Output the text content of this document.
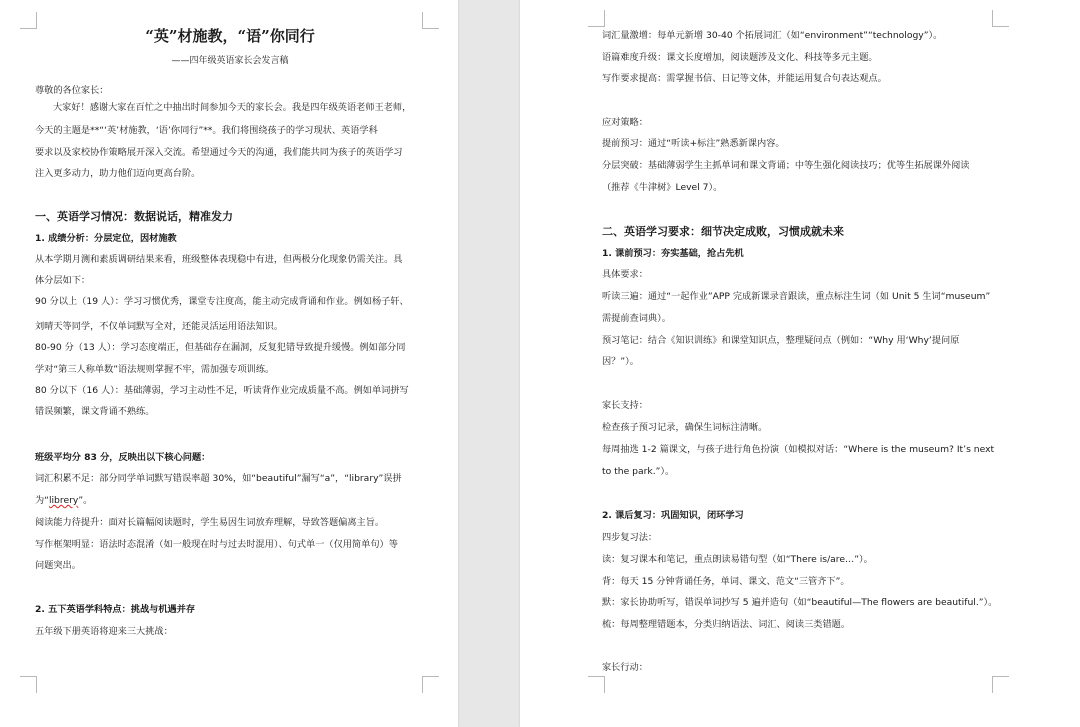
“英”材施教，“语”你同行
——四年级英语家长会发言稿
尊敬的各位家长：
大家好！感谢大家在百忙之中抽出时间参加今天的家长会。我是四年级英语老师王老师，
今天的主题是**“‘英’材施教，‘语’你同行”**。我们将围绕孩子的学习现状、英语学科
要求以及家校协作策略展开深入交流。希望通过今天的沟通，我们能共同为孩子的英语学习
注入更多动力，助力他们迈向更高台阶。
一、英语学习情况：数据说话，精准发力
1. 成绩分析：分层定位，因材施教
从本学期月测和素质调研结果来看，班级整体表现稳中有进，但两极分化现象仍需关注。具
体分层如下：
90 分以上（19 人）：学习习惯优秀，课堂专注度高，能主动完成背诵和作业。例如杨子轩、
刘晴天等同学，不仅单词默写全对，还能灵活运用语法知识。
80-90 分（13 人）：学习态度端正，但基础存在漏洞，反复犯错导致提升缓慢。例如部分同
学对“第三人称单数”语法规则掌握不牢，需加强专项训练。
80 分以下（16 人）：基础薄弱，学习主动性不足，听读背作业完成质量不高。例如单词拼写
错误频繁，课文背诵不熟练。
班级平均分 83 分，反映出以下核心问题：
词汇积累不足：部分同学单词默写错误率超 30%，如“beautiful”漏写“a”，“library”误拼
为“librery”。
阅读能力待提升：面对长篇幅阅读题时，学生易因生词放弃理解，导致答题偏离主旨。
写作框架明显：语法时态混淆（如一般现在时与过去时混用）、句式单一（仅用简单句）等
问题突出。
2. 五下英语学科特点：挑战与机遇并存
五年级下册英语将迎来三大挑战：
词汇量激增：每单元新增 30-40 个拓展词汇（如“environment”“technology”）。
语篇难度升级：课文长度增加，阅读题涉及文化、科技等多元主题。
写作要求提高：需掌握书信、日记等文体，并能运用复合句表达观点。
应对策略：
提前预习：通过“听读+标注”熟悉新课内容。
分层突破：基础薄弱学生主抓单词和课文背诵；中等生强化阅读技巧；优等生拓展课外阅读
（推荐《牛津树》Level 7）。
二、英语学习要求：细节决定成败，习惯成就未来
1. 课前预习：夯实基础，抢占先机
具体要求：
听读三遍：通过“一起作业”APP 完成新课录音跟读，重点标注生词（如 Unit 5 生词“museum”
需提前查词典）。
预习笔记：结合《知识训练》和课堂知识点，整理疑问点（例如：“Why 用‘Why’提问原
因？”）。
家长支持：
检查孩子预习记录，确保生词标注清晰。
每周抽选 1-2 篇课文，与孩子进行角色扮演（如模拟对话：“Where is the museum? It’s next
to the park.”）。
2. 课后复习：巩固知识，闭环学习
四步复习法：
读：复习课本和笔记，重点朗读易错句型（如“There is/are…”）。
背：每天 15 分钟背诵任务，单词、课文、范文“三管齐下”。
默：家长协助听写，错误单词抄写 5 遍并造句（如“beautiful—The flowers are beautiful.”）。
梳：每周整理错题本，分类归纳语法、词汇、阅读三类错题。
家长行动：
